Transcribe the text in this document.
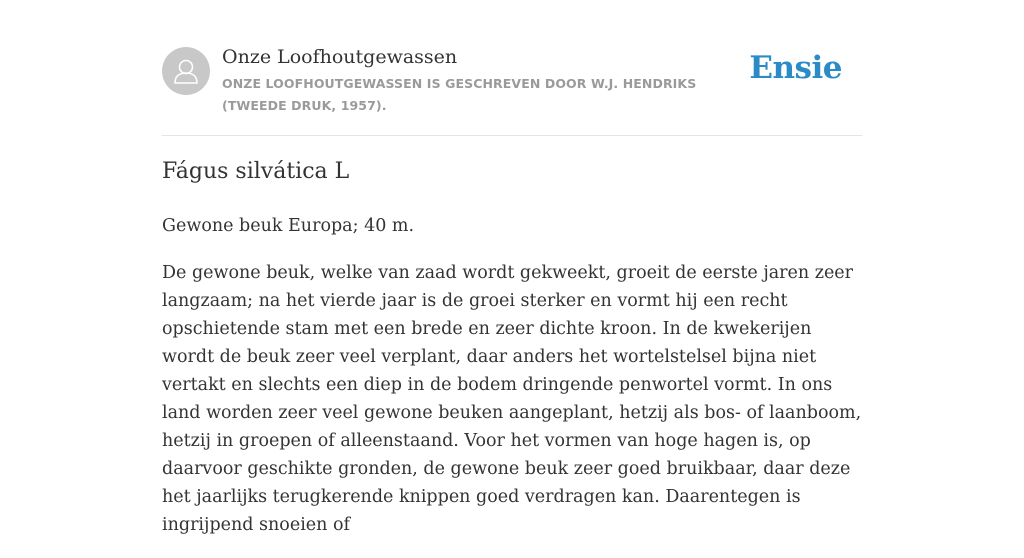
Onze Loofhoutgewassen
ONZE LOOFHOUTGEWASSEN IS GESCHREVEN DOOR W.J. HENDRIKS (TWEEDE DRUK, 1957).
Ensie
Fágus silvática L

Gewone beuk Europa; 40 m.

De gewone beuk, welke van zaad wordt gekweekt, groeit de eerste jaren zeer langzaam; na het vierde jaar is de groei sterker en vormt hij een recht opschietende stam met een brede en zeer dichte kroon. In de kwekerijen wordt de beuk zeer veel verplant, daar anders het wortelstelsel bijna niet vertakt en slechts een diep in de bodem dringende penwortel vormt. In ons land worden zeer veel gewone beuken aangeplant, hetzij als bos- of laanboom, hetzij in groepen of alleenstaand. Voor het vormen van hoge hagen is, op daarvoor geschikte gronden, de gewone beuk zeer goed bruikbaar, daar deze het jaarlijks terugkerende knippen goed verdragen kan. Daarentegen is ingrijpend snoeien of
